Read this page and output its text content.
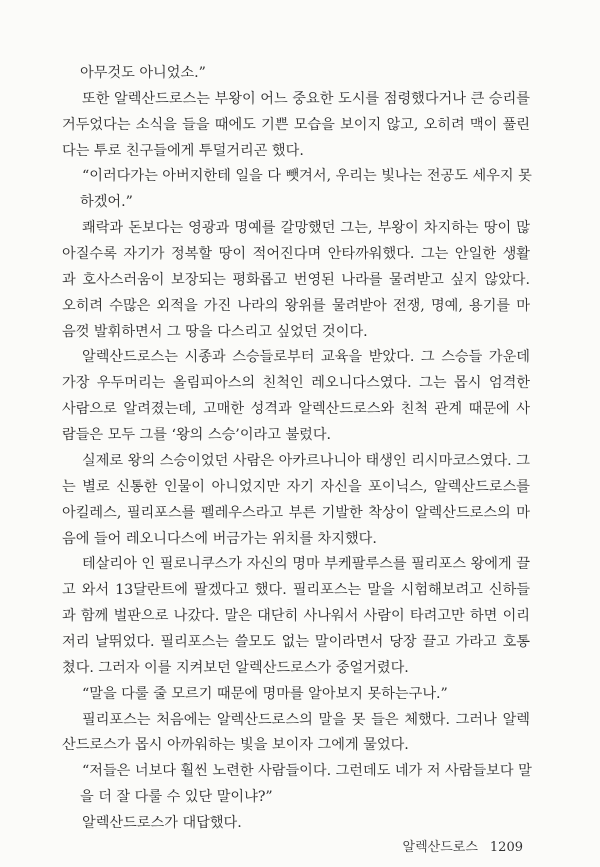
아무것도 아니었소.”
또한 알렉산드로스는 부왕이 어느 중요한 도시를 점령했다거나 큰 승리를
거두었다는 소식을 들을 때에도 기쁜 모습을 보이지 않고, 오히려 맥이 풀린
다는 투로 친구들에게 투덜거리곤 했다.
“이러다가는 아버지한테 일을 다 뺏겨서, 우리는 빛나는 전공도 세우지 못
하겠어.”
쾌락과 돈보다는 영광과 명예를 갈망했던 그는, 부왕이 차지하는 땅이 많
아질수록 자기가 정복할 땅이 적어진다며 안타까워했다. 그는 안일한 생활
과 호사스러움이 보장되는 평화롭고 번영된 나라를 물려받고 싶지 않았다.
오히려 수많은 외적을 가진 나라의 왕위를 물려받아 전쟁, 명예, 용기를 마
음껏 발휘하면서 그 땅을 다스리고 싶었던 것이다.
알렉산드로스는 시종과 스승들로부터 교육을 받았다. 그 스승들 가운데
가장 우두머리는 올림피아스의 친척인 레오니다스였다. 그는 몹시 엄격한
사람으로 알려졌는데, 고매한 성격과 알렉산드로스와 친척 관계 때문에 사
람들은 모두 그를 ‘왕의 스승’이라고 불렀다.
실제로 왕의 스승이었던 사람은 아카르나니아 태생인 리시마코스였다. 그
는 별로 신통한 인물이 아니었지만 자기 자신을 포이닉스, 알렉산드로스를
아킬레스, 필리포스를 펠레우스라고 부른 기발한 착상이 알렉산드로스의 마
음에 들어 레오니다스에 버금가는 위치를 차지했다.
테살리아 인 필로니쿠스가 자신의 명마 부케팔루스를 필리포스 왕에게 끌
고 와서 13달란트에 팔겠다고 했다. 필리포스는 말을 시험해보려고 신하들
과 함께 벌판으로 나갔다. 말은 대단히 사나워서 사람이 타려고만 하면 이리
저리 날뛰었다. 필리포스는 쓸모도 없는 말이라면서 당장 끌고 가라고 호통
쳤다. 그러자 이를 지켜보던 알렉산드로스가 중얼거렸다.
“말을 다룰 줄 모르기 때문에 명마를 알아보지 못하는구나.”
필리포스는 처음에는 알렉산드로스의 말을 못 들은 체했다. 그러나 알렉
산드로스가 몹시 아까워하는 빛을 보이자 그에게 물었다.
“저들은 너보다 훨씬 노련한 사람들이다. 그런데도 네가 저 사람들보다 말
을 더 잘 다룰 수 있단 말이냐?”
알렉산드로스가 대답했다.
알렉산드로스 1209
